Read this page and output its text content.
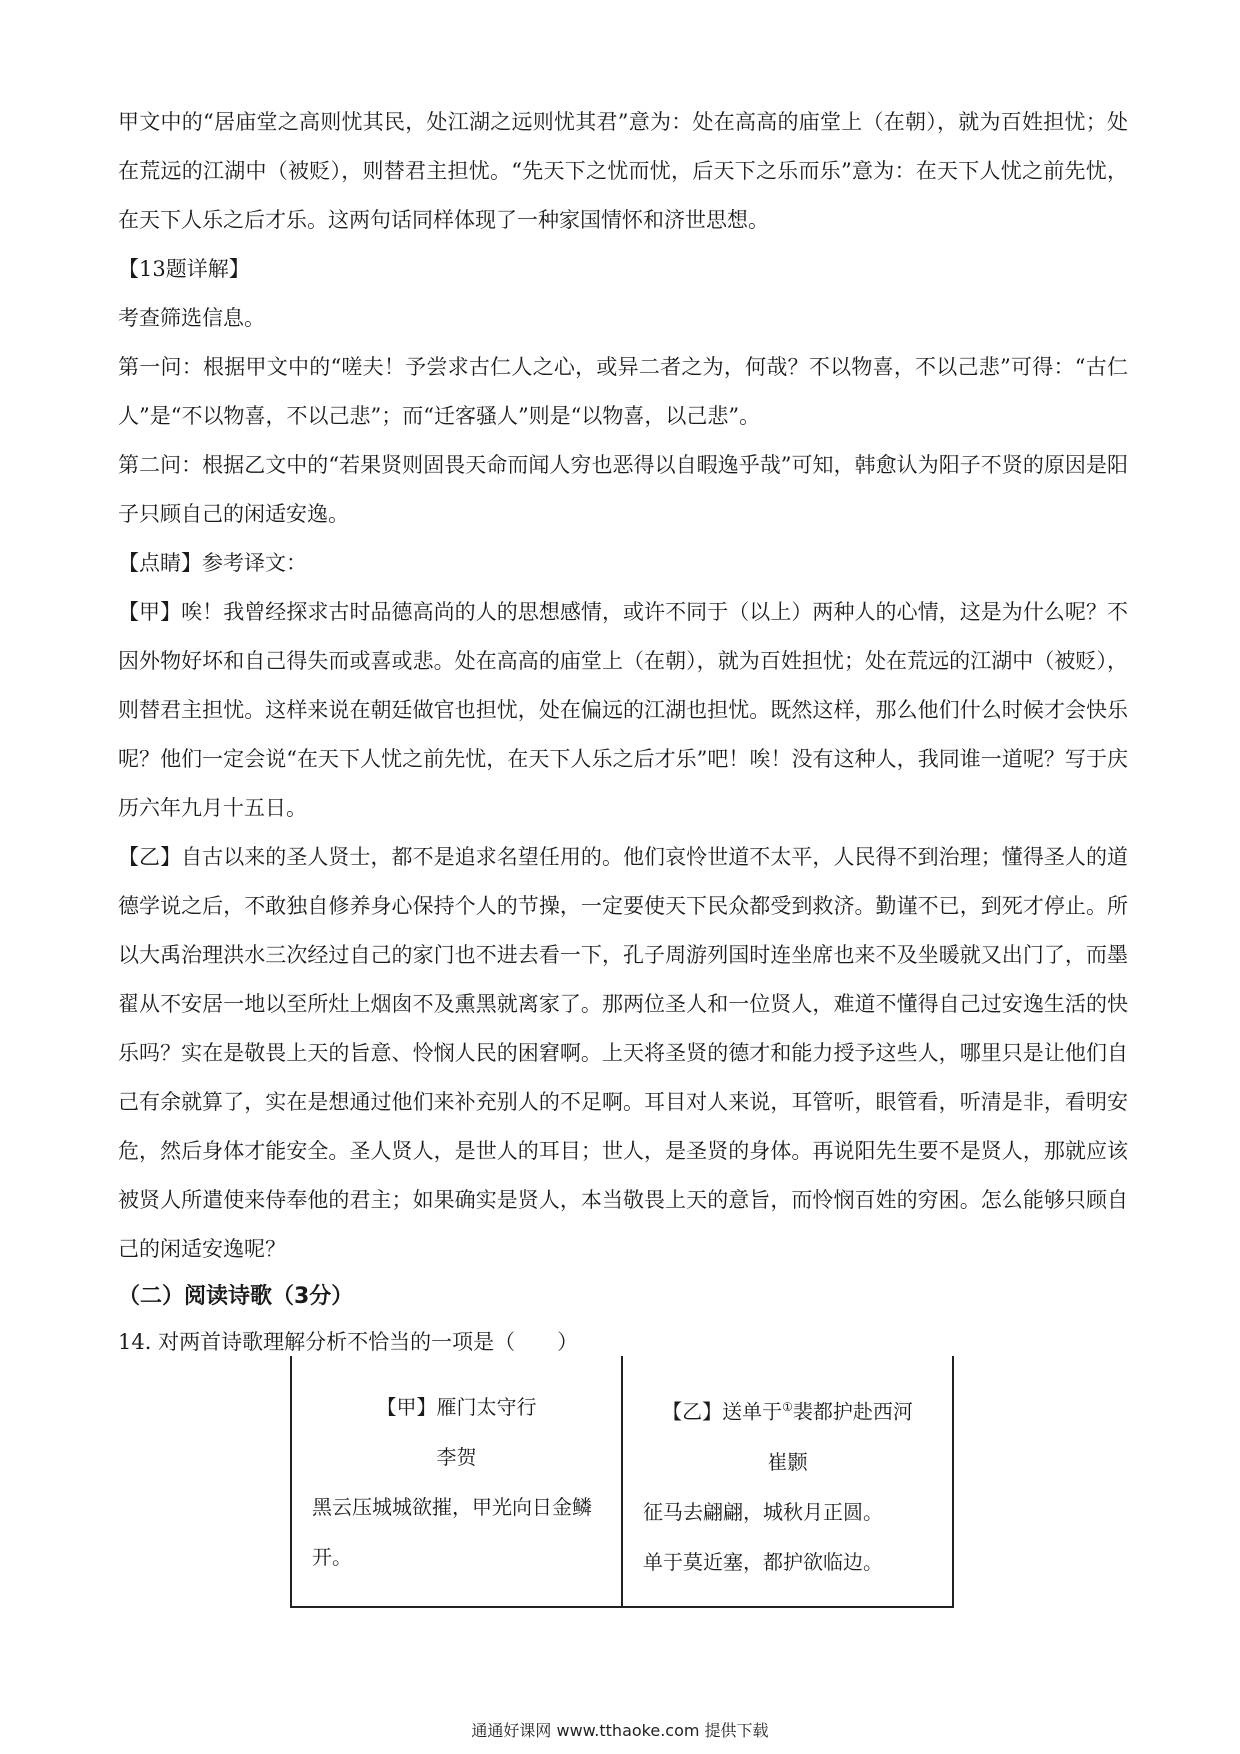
甲文中的“居庙堂之高则忧其民，处江湖之远则忧其君”意为：处在高高的庙堂上（在朝），就为百姓担忧；处在荒远的江湖中（被贬），则替君主担忧。“先天下之忧而忧，后天下之乐而乐”意为：在天下人忧之前先忧，在天下人乐之后才乐。这两句话同样体现了一种家国情怀和济世思想。

【13题详解】

考查筛选信息。

第一问：根据甲文中的“嗟夫！予尝求古仁人之心，或异二者之为，何哉？不以物喜，不以己悲”可得：“古仁人”是“不以物喜，不以己悲”；而“迁客骚人”则是“以物喜，以己悲”。

第二问：根据乙文中的“若果贤则固畏天命而闻人穷也恶得以自暇逸乎哉”可知，韩愈认为阳子不贤的原因是阳子只顾自己的闲适安逸。

【点睛】参考译文：

【甲】唉！我曾经探求古时品德高尚的人的思想感情，或许不同于（以上）两种人的心情，这是为什么呢？不因外物好坏和自己得失而或喜或悲。处在高高的庙堂上（在朝），就为百姓担忧；处在荒远的江湖中（被贬），则替君主担忧。这样来说在朝廷做官也担忧，处在偏远的江湖也担忧。既然这样，那么他们什么时候才会快乐呢？他们一定会说“在天下人忧之前先忧，在天下人乐之后才乐”吧！唉！没有这种人，我同谁一道呢？写于庆历六年九月十五日。

【乙】自古以来的圣人贤士，都不是追求名望任用的。他们哀怜世道不太平，人民得不到治理；懂得圣人的道德学说之后，不敢独自修养身心保持个人的节操，一定要使天下民众都受到救济。勤谨不已，到死才停止。所以大禹治理洪水三次经过自己的家门也不进去看一下，孔子周游列国时连坐席也来不及坐暖就又出门了，而墨翟从不安居一地以至所灶上烟囱不及熏黑就离家了。那两位圣人和一位贤人，难道不懂得自己过安逸生活的快乐吗？实在是敬畏上天的旨意、怜悯人民的困窘啊。上天将圣贤的德才和能力授予这些人，哪里只是让他们自己有余就算了，实在是想通过他们来补充别人的不足啊。耳目对人来说，耳管听，眼管看，听清是非，看明安危，然后身体才能安全。圣人贤人，是世人的耳目；世人，是圣贤的身体。再说阳先生要不是贤人，那就应该被贤人所遣使来侍奉他的君主；如果确实是贤人，本当敬畏上天的意旨，而怜悯百姓的穷困。怎么能够只顾自己的闲适安逸呢？

（二）阅读诗歌（3分）

14. 对两首诗歌理解分析不恰当的一项是（　　）

【甲】雁门太守行
李贺
黑云压城城欲摧，甲光向日金鳞开。
【乙】送单于①裴都护赴西河
崔颢
征马去翩翩，城秋月正圆。
单于莫近塞，都护欲临边。
通通好课网 www.tthaoke.com 提供下载
